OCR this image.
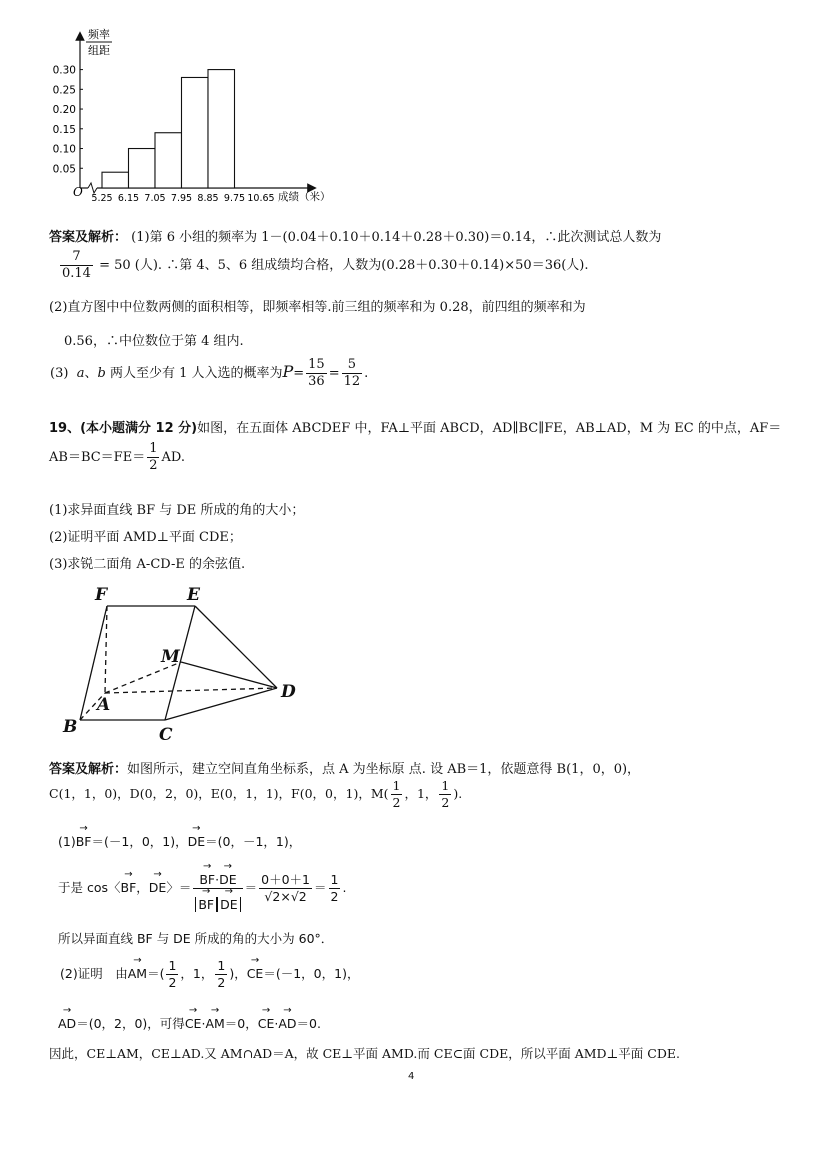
0.05
0.10
0.15
0.20
0.25
0.30
5.25 6.15 7.05 7.95 8.85 9.75 10.65
频率
组距
O	成绩（米）
答案及解析： (1)第 6 小组的频率为 1－(0.04＋0.10＋0.14＋0.28＋0.30)＝0.14，∴此次测试总人数为
$\frac{7}{0.14} = 50$ (人). ∴第 4、5、6 组成绩均合格，人数为(0.28＋0.30＋0.14)×50＝36(人).
(2)直方图中中位数两侧的面积相等，即频率相等.前三组的频率和为 0.28，前四组的频率和为
0.56，∴中位数位于第 4 组内.
(3) a、b 两人至少有 1 人入选的概率为$P= \frac{15}{36} = \frac{5}{12}$ .
19、(本小题满分 12 分)如图，在五面体 ABCDEF 中，FA⊥平面 ABCD，AD∥BC∥FE，AB⊥AD，M 为 EC 的中点，AF＝
$AB=BC=FE= \frac{1}{2}$ AD.
(1)求异面直线 BF 与 DE 所成的角的大小；
(2)证明平面 AMD⊥平面 CDE；
(3)求锐二面角 A-CD-E 的余弦值.
F	E
M
D
A
B	C
答案及解析：如图所示，建立空间直角坐标系，点 A 为坐标原 点. 设 AB＝1，依题意得 B(1，0，0)，
C(1，1，0)，D(0，2，0)，E(0，1，1)，F(0，0，1)，$M( \frac{1}{2}$ ，1， $\frac{1}{2}$ ).
(1)→ BF＝(－1，0，1)，→ DE＝(0，－1，1)，
于是 cos〈→ BF，→ DE〉＝ → BF·→ DE
→ BF → DE ＝ $\frac{0+0+1}{√2\times√2} = \frac{1}{2}$ .
所以异面直线 BF 与 DE 所成的角的大小为 60°．
(2)证明　由→ $AM=( \frac{1}{2}$ ，1， $\frac{1}{2}$ )，→ CE＝(－1，0，1)，
→ AD＝(0，2，0)，可得→ CE·→ AM＝0，→ CE·→ AD＝0.
因此，CE⊥AM，CE⊥AD.又 AM∩AD＝A，故 CE⊥平面 AMD.而 CE⊂面 CDE，所以平面 AMD⊥平面 CDE.
4
